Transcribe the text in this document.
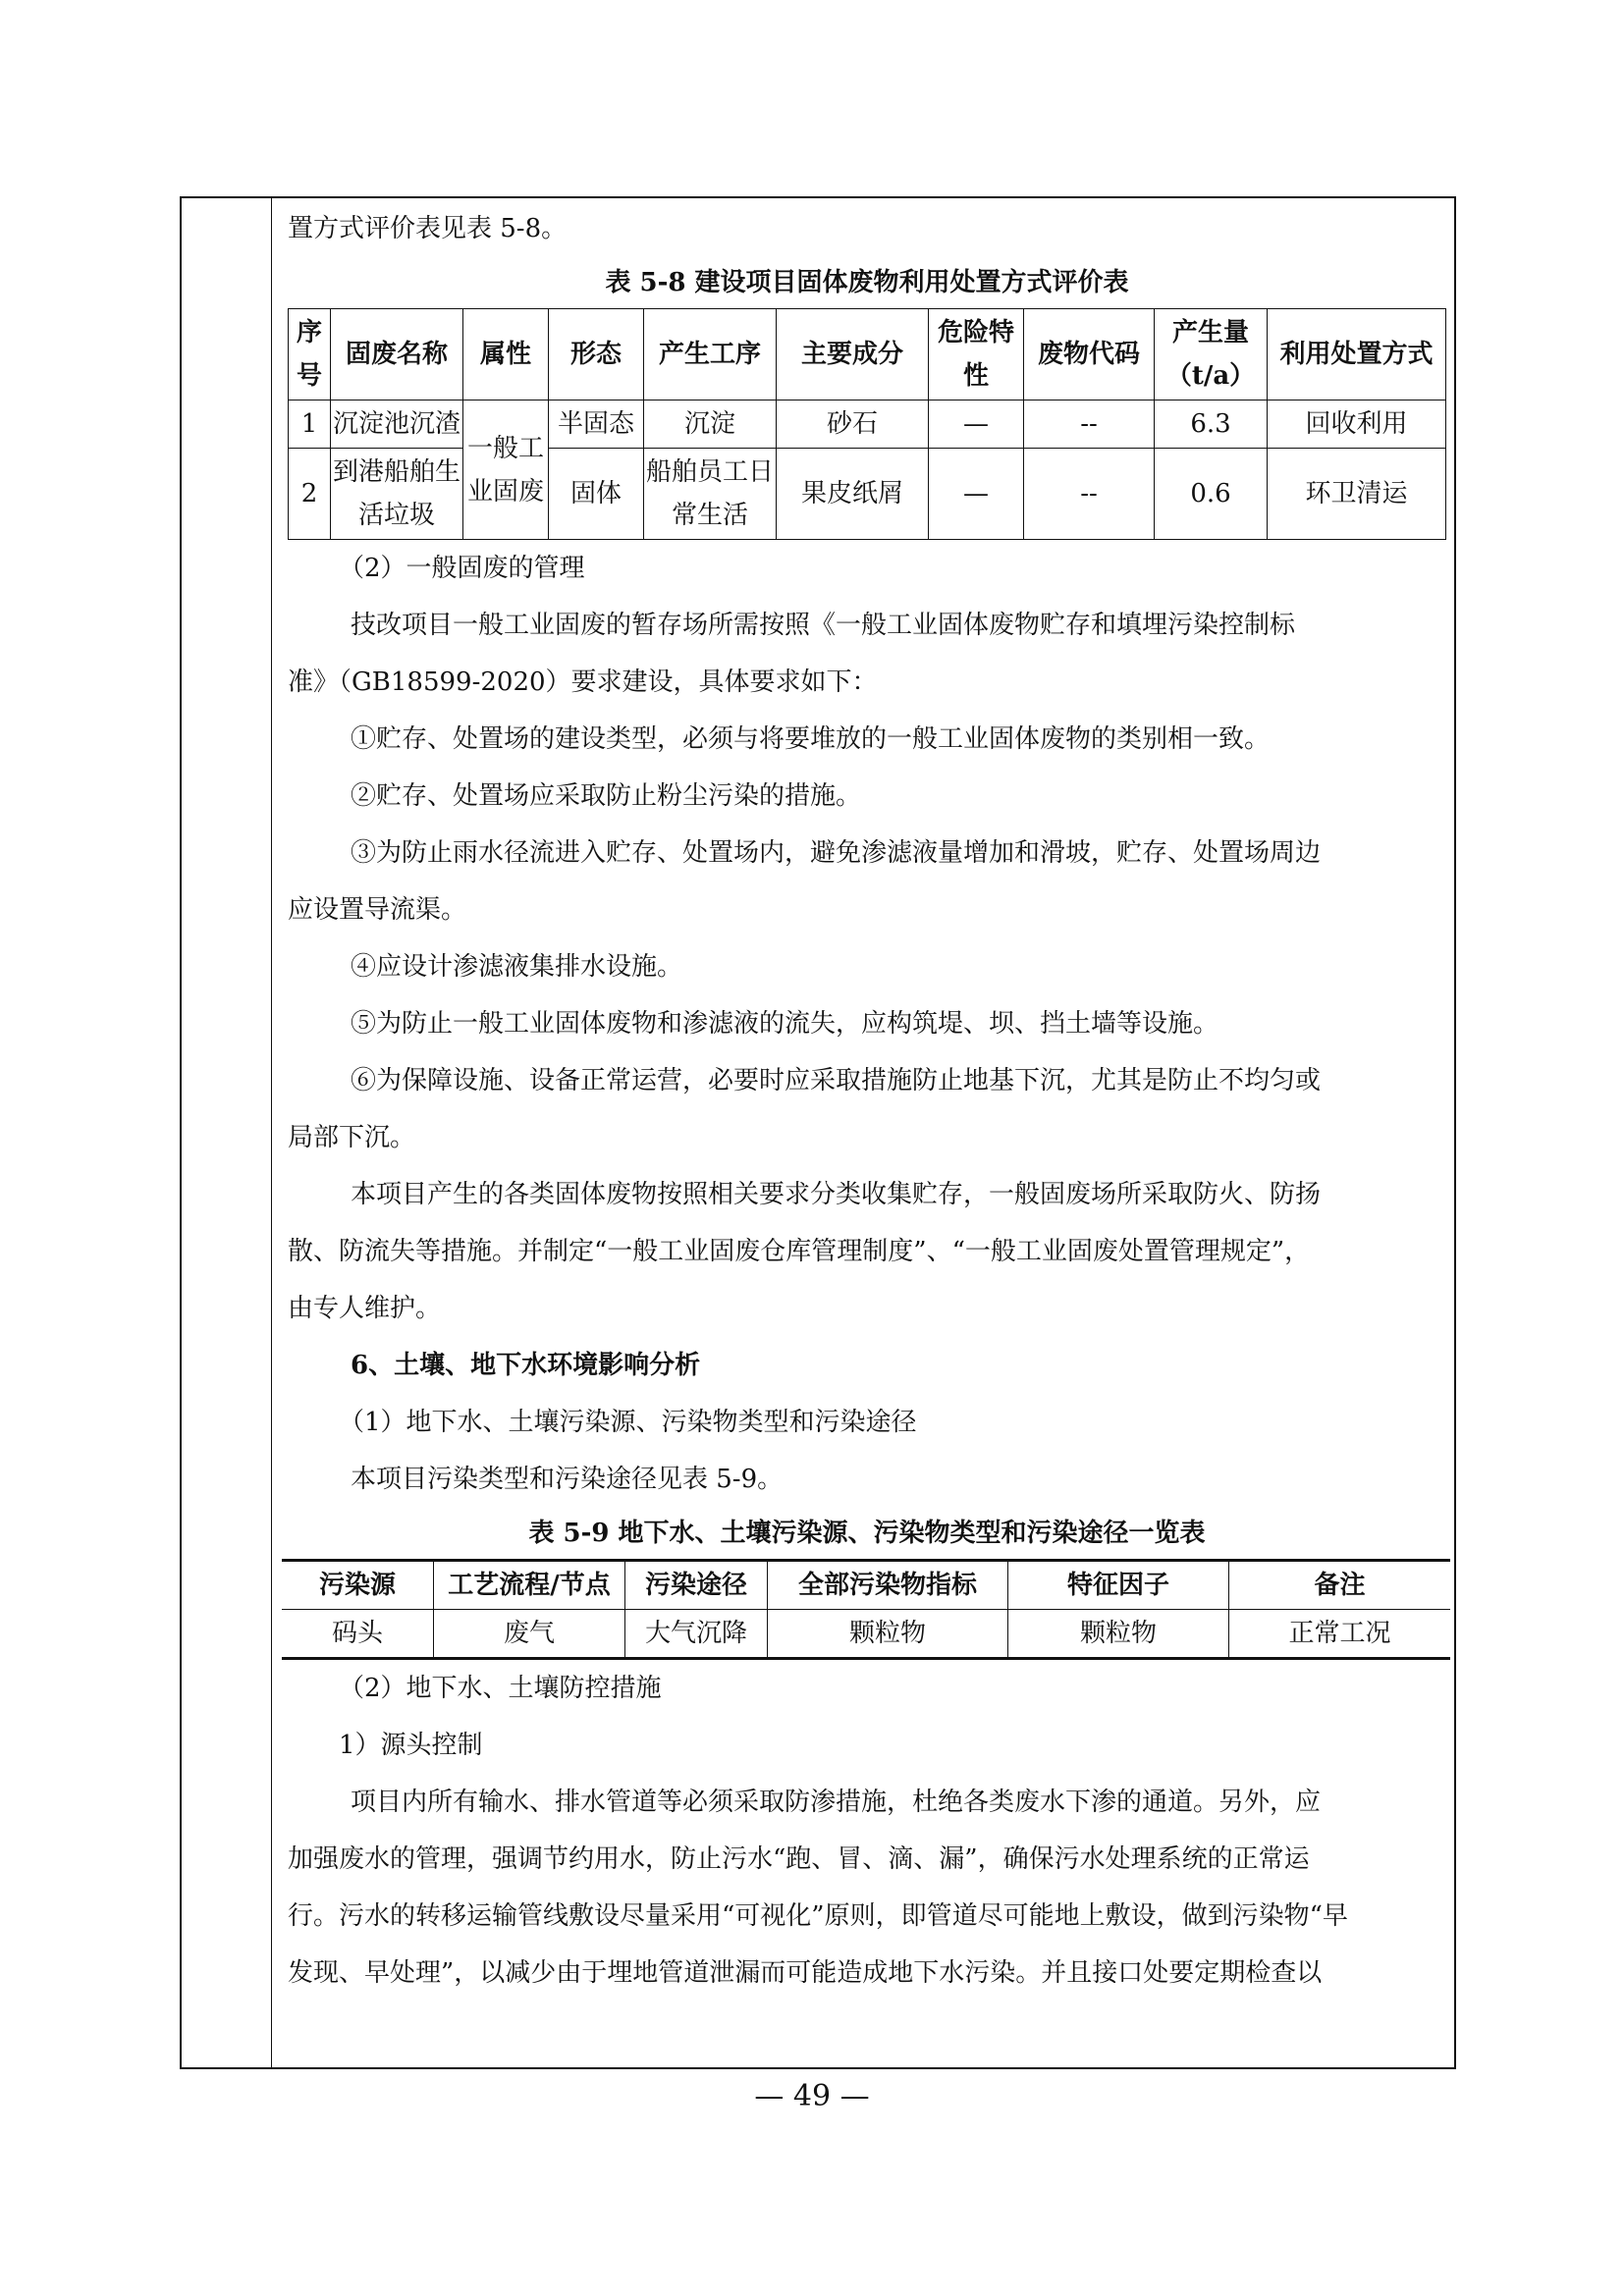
置方式评价表见表 5-8。

表 5-8 建设项目固体废物利用处置方式评价表

序号	固废名称	属性	形态	产生工序	主要成分	危险特性	废物代码	产生量（t/a）	利用处置方式
1	沉淀池沉渣	一般工业固废	半固态	沉淀	砂石	—	--	6.3	回收利用
2	到港船舶生活垃圾		固体	船舶员工日常生活	果皮纸屑	—	--	0.6	环卫清运

（2）一般固废的管理

技改项目一般工业固废的暂存场所需按照《一般工业固体废物贮存和填埋污染控制标

准》（GB18599-2020）要求建设，具体要求如下：

①贮存、处置场的建设类型，必须与将要堆放的一般工业固体废物的类别相一致。

②贮存、处置场应采取防止粉尘污染的措施。

③为防止雨水径流进入贮存、处置场内，避免渗滤液量增加和滑坡，贮存、处置场周边

应设置导流渠。

④应设计渗滤液集排水设施。

⑤为防止一般工业固体废物和渗滤液的流失，应构筑堤、坝、挡土墙等设施。

⑥为保障设施、设备正常运营，必要时应采取措施防止地基下沉，尤其是防止不均匀或

局部下沉。

本项目产生的各类固体废物按照相关要求分类收集贮存，一般固废场所采取防火、防扬

散、防流失等措施。并制定“一般工业固废仓库管理制度”、“一般工业固废处置管理规定”，

由专人维护。

6、土壤、地下水环境影响分析

（1）地下水、土壤污染源、污染物类型和污染途径

本项目污染类型和污染途径见表 5-9。

表 5-9 地下水、土壤污染源、污染物类型和污染途径一览表

污染源	工艺流程/节点	污染途径	全部污染物指标	特征因子	备注
码头	废气	大气沉降	颗粒物	颗粒物	正常工况

（2）地下水、土壤防控措施

1）源头控制

项目内所有输水、排水管道等必须采取防渗措施，杜绝各类废水下渗的通道。另外，应

加强废水的管理，强调节约用水，防止污水“跑、冒、滴、漏”，确保污水处理系统的正常运

行。污水的转移运输管线敷设尽量采用“可视化”原则，即管道尽可能地上敷设，做到污染物“早

发现、早处理”，以减少由于埋地管道泄漏而可能造成地下水污染。并且接口处要定期检查以

— 49 —
